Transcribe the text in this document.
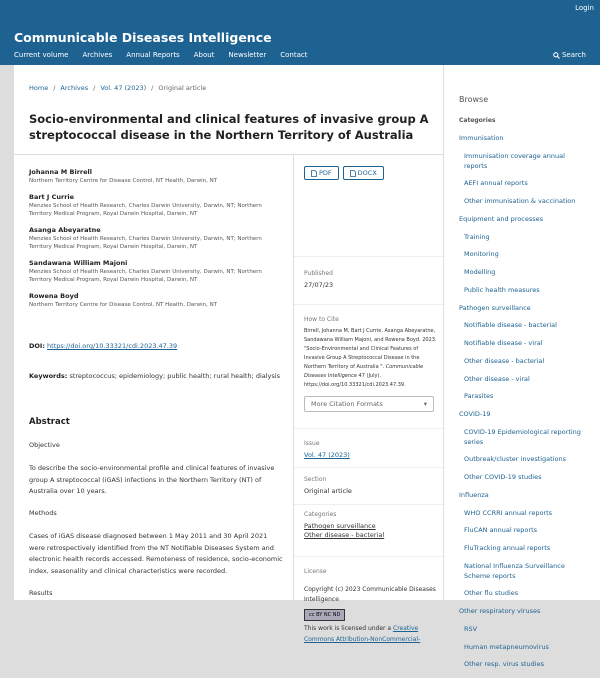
Login
Communicable Diseases Intelligence
Current volume Archives Annual Reports About Newsletter Contact	Search
Home / Archives / Vol. 47 (2023) / Original article
Socio-environmental and clinical features of invasive group A streptococcal disease in the Northern Territory of Australia
Johanna M Birrell
Northern Territory Centre for Disease Control, NT Health, Darwin, NT
Bart J Currie
Menzies School of Health Research, Charles Darwin University, Darwin, NT; Northern Territory Medical Program, Royal Darwin Hospital, Darwin, NT
Asanga Abeyaratne
Menzies School of Health Research, Charles Darwin University, Darwin, NT; Northern Territory Medical Program, Royal Darwin Hospital, Darwin, NT
Sandawana William Majoni
Menzies School of Health Research, Charles Darwin University, Darwin, NT; Northern Territory Medical Program, Royal Darwin Hospital, Darwin, NT
Rowena Boyd
Northern Territory Centre for Disease Control, NT Health, Darwin, NT
DOI: https://doi.org/10.33321/cdi.2023.47.39
Keywords: streptococcus; epidemiology; public health; rural health; dialysis
Abstract
Objective

To describe the socio-environmental profile and clinical features of invasive group A streptococcal (iGAS) infections in the Northern Territory (NT) of Australia over 10 years.

Methods

Cases of iGAS disease diagnosed between 1 May 2011 and 30 April 2021 were retrospectively identified from the NT Notifiable Diseases System and electronic health records accessed. Remoteness of residence, socio-economic index, seasonality and clinical characteristics were recorded.

Results
PDF	DOCX
Published
27/07/23
How to Cite
Birrell, Johanna M, Bart J Currie, Asanga Abeyaratne, Sandawana William Majoni, and Rowena Boyd. 2023. "Socio-Environmental and Clinical Features of Invasive Group A Streptococcal Disease in the Northern Territory of Australia ". Communicable Diseases Intelligence 47 (July). https://doi.org/10.33321/cdi.2023.47.39.
More Citation Formats	▾
Issue
Vol. 47 (2023)
Section
Original article
Categories
Pathogen surveillance
Other disease - bacterial
License
Copyright (c) 2023 Communicable Diseases Intelligence
cc BY NC ND
This work is licensed under a Creative Commons Attribution-NonCommercial-
Browse
Categories
Immunisation
Immunisation coverage annual reports
AEFI annual reports
Other immunisation & vaccination
Equipment and processes
Training
Monitoring
Modelling
Public health measures
Pathogen surveillance
Notifiable disease - bacterial
Notifiable disease - viral
Other disease - bacterial
Other disease - viral
Parasites
COVID-19
COVID-19 Epidemiological reporting series
Outbreak/cluster investigations
Other COVID-19 studies
Influenza
WHO CCRRI annual reports
FluCAN annual reports
FluTracking annual reports
National Influenza Surveillance Scheme reports
Other flu studies
Other respiratory viruses
RSV
Human metapneumovirus
Other resp. virus studies
